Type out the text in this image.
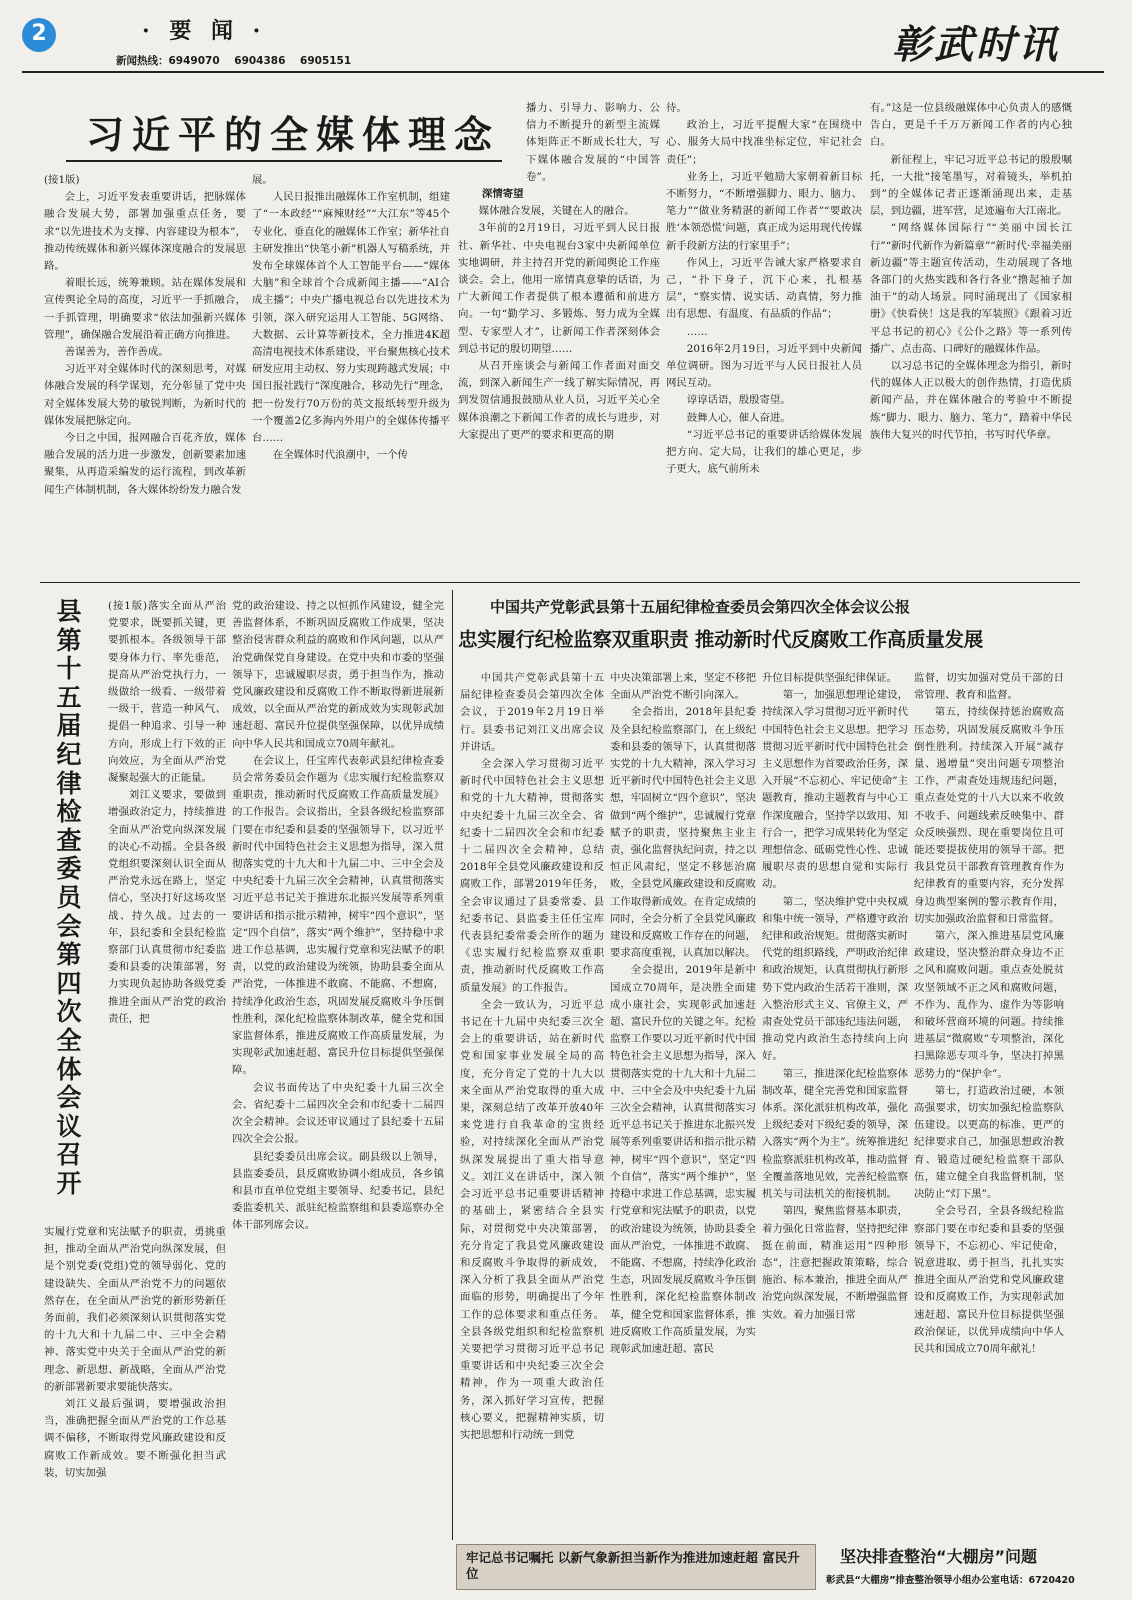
2	· 要 闻 ·
新闻热线：6949070    6904386    6905151	彰武时讯
习近平的全媒体理念

(接1版)

会上，习近平发表重要讲话，把脉媒体融合发展大势，部署加强重点任务，要求“以先进技术为支撑、内容建设为根本”，推动传统媒体和新兴媒体深度融合的发展思路。

着眼长远，统筹兼顾。站在媒体发展和宣传舆论全局的高度，习近平一手抓融合，一手抓管理，明确要求“依法加强新兴媒体管理”，确保融合发展沿着正确方向推进。

善谋善为，善作善成。

习近平对全媒体时代的深刻思考，对媒体融合发展的科学谋划，充分彰显了党中央对全媒体发展大势的敏锐判断，为新时代的媒体发展把脉定向。

今日之中国，报网融合百花齐放，媒体融合发展的活力进一步激发，创新要素加速聚集，从再造采编发的运行流程，到改革新闻生产体制机制，各大媒体纷纷发力融合发

展。

人民日报推出融媒体工作室机制，组建了“一本政经”“麻辣财经”“大江东”等45个专业化、垂直化的融媒体工作室；新华社自主研发推出“快笔小新”机器人写稿系统，并发布全球媒体首个人工智能平台——“媒体大脑”和全球首个合成新闻主播——“AI合成主播”；中央广播电视总台以先进技术为引领，深入研究运用人工智能、5G网络、大数据、云计算等新技术，全力推进4K超高清电视技术体系建设，平台聚焦核心技术研发应用主动权、努力实现跨越式发展；中国日报社践行“深度融合，移动先行”理念，把一份发行70万份的英文报纸转型升级为一个覆盖2亿多海内外用户的全媒体传播平台……

在全媒体时代浪潮中，一个传

播力、引导力、影响力、公信力不断提升的新型主流媒体矩阵正不断成长壮大，写下媒体融合发展的“中国答卷”。

深情寄望

媒体融合发展，关键在人的融合。

3年前的2月19日，习近平到人民日报社、新华社、中央电视台3家中央新闻单位实地调研，并主持召开党的新闻舆论工作座谈会。会上，他用一席情真意挚的话语，为广大新闻工作者提供了根本遵循和前进方向。一句“勤学习、多锻炼、努力成为全媒型、专家型人才”，让新闻工作者深刻体会到总书记的殷切期望……

从召开座谈会与新闻工作者面对面交流，到深入新闻生产一线了解实际情况，再到发贺信通报鼓励从业人员，习近平关心全媒体浪潮之下新闻工作者的成长与进步，对大家提出了更严的要求和更高的期

待。

政治上，习近平提醒大家“在围绕中心、服务大局中找准坐标定位，牢记社会责任”；

业务上，习近平勉励大家朝着新目标不断努力，“不断增强脚力、眼力、脑力、笔力”“做业务精湛的新闻工作者”“要敢决胜‘本领恐慌’问题，真正成为运用现代传媒新手段新方法的行家里手”；

作风上，习近平告诫大家严格要求自己，“扑下身子，沉下心来，扎根基层”，“察实情、说实话、动真情，努力推出有思想、有温度、有品质的作品”；

……

2016年2月19日，习近平到中央新闻单位调研。图为习近平与人民日报社人员网民互动。

谆谆话语，殷殷寄望。

鼓舞人心，催人奋进。

“习近平总书记的重要讲话给媒体发展把方向、定大局，让我们的雄心更足，步子更大，底气前所未

有。”这是一位县级融媒体中心负责人的感慨告白，更是千千万万新闻工作者的内心独白。

新征程上，牢记习近平总书记的殷殷嘱托，一大批“接笔墨写，对着镜头，举机拍到”的全媒体记者正逐渐涌现出来，走基层，到边疆，进军营，足迹遍布大江南北。

“网络媒体国际行”“美丽中国长江行”“新时代新作为新篇章”“新时代·幸福美丽新边疆”等主题宣传活动，生动展现了各地各部门的火热实践和各行各业“撸起袖子加油干”的动人场景。同时涌现出了《国家相册》《快看侠！这是我的军装照》《跟着习近平总书记的初心》《公仆之路》等一系列传播广、点击高、口碑好的融媒体作品。

以习总书记的全媒体理念为指引，新时代的媒体人正以极大的创作热情，打造优质新闻产品，并在媒体融合的考验中不断提炼“脚力、眼力、脑力、笔力”，踏着中华民族伟大复兴的时代节拍，书写时代华章。

县第十五届纪律检查委员会第四次全体会议召开

(接1版)落实全面从严治党要求，既要抓关键，更要抓根本。各级领导干部要身体力行、率先垂范，提高从严治党执行力，一级做给一级看、一级带着一级干，营造一种风气、提倡一种追求、引导一种方向，形成上行下效的正向效应，为全面从严治党凝聚起强大的正能量。

刘江义要求，要做到增强政治定力，持续推进全面从严治党向纵深发展的决心不动摇。全县各级党组织要深刻认识全面从严治党永远在路上，坚定信心，坚决打好这场攻坚战、持久战。过去的一年，县纪委和全县纪检监察部门认真贯彻市纪委监委和县委的决策部署，努力实现负起协助各级党委推进全面从严治党的政治责任，把

党的政治建设、持之以恒抓作风建设，健全完善监督体系，不断巩固反腐败工作成果，坚决整治侵害群众利益的腐败和作风问题，以从严治党确保党自身建设。在党中央和市委的坚强领导下，忠诚履职尽责，勇于担当作为，推动党风廉政建设和反腐败工作不断取得新进展新成效，以全面从严治党的新成效为实现彰武加速赶超、富民升位提供坚强保障，以优异成绩向中华人民共和国成立70周年献礼。

在会议上，任宝库代表彰武县纪律检查委员会常务委员会作题为《忠实履行纪检监察双重职责，推动新时代反腐败工作高质量发展》的工作报告。会议指出，全县各级纪检监察部门要在市纪委和县委的坚强领导下，以习近平新时代中国特色社会主义思想为指导，深入贯彻落实党的十九大和十九届二中、三中全会及中央纪委十九届三次全会精神，认真贯彻落实习近平总书记关于推进东北振兴发展等系列重要讲话和指示批示精神，树牢“四个意识”，坚定“四个自信”，落实“两个维护”，坚持稳中求进工作总基调，忠实履行党章和宪法赋予的职责，以党的政治建设为统领，协助县委全面从严治党，一体推进不敢腐、不能腐、不想腐，持续净化政治生态，巩固发展反腐败斗争压倒性胜利，深化纪检监察体制改革，健全党和国家监督体系，推进反腐败工作高质量发展，为实现彰武加速赶超、富民升位目标提供坚强保障。

会议书面传达了中央纪委十九届三次全会、省纪委十二届四次全会和市纪委十二届四次全会精神。会议还审议通过了县纪委十五届四次全会公报。

县纪委委员出席会议。副县级以上领导，县监委委员，县反腐败协调小组成员，各乡镇和县市直单位党组主要领导、纪委书记，县纪委监委机关、派驻纪检监察组和县委巡察办全体干部列席会议。

实履行党章和宪法赋予的职责，勇挑重担，推动全面从严治党向纵深发展，但是个别党委(党组)党的领导弱化、党的建设缺失、全面从严治党不力的问题依然存在，在全面从严治党的新形势新任务面前，我们必须深刻认识贯彻落实党的十九大和十九届二中、三中全会精神、落实党中央关于全面从严治党的新理念、新思想、新战略，全面从严治党的新部署新要求要能快落实。

刘江义最后强调，要增强政治担当，准确把握全面从严治党的工作总基调不偏移，不断取得党风廉政建设和反腐败工作新成效。要不断强化担当武装，切实加强

中国共产党彰武县第十五届纪律检查委员会第四次全体会议公报
忠实履行纪检监察双重职责 推动新时代反腐败工作高质量发展

中国共产党彰武县第十五届纪律检查委员会第四次全体会议，于2019年2月19日举行。县委书记刘江义出席会议并讲话。

全会深入学习贯彻习近平新时代中国特色社会主义思想和党的十九大精神，贯彻落实中央纪委十九届三次全会、省纪委十二届四次全会和市纪委十二届四次全会精神，总结2018年全县党风廉政建设和反腐败工作，部署2019年任务，全会审议通过了县委常委、县纪委书记、县监委主任任宝库代表县纪委常委会所作的题为《忠实履行纪检监察双重职责，推动新时代反腐败工作高质量发展》的工作报告。

全会一致认为，习近平总书记在十九届中央纪委三次全会上的重要讲话，站在新时代党和国家事业发展全局的高度，充分肯定了党的十九大以来全面从严治党取得的重大成果，深刻总结了改革开放40年来党进行自我革命的宝贵经验，对持续深化全面从严治党纵深发展提出了重大指导意义。刘江义在讲话中，深入领会习近平总书记重要讲话精神的基础上，紧密结合全县实际，对贯彻党中央决策部署，充分肯定了我县党风廉政建设和反腐败斗争取得的新成效，深入分析了我县全面从严治党面临的形势，明确提出了今年工作的总体要求和重点任务。全县各级党组织和纪检监察机关要把学习贯彻习近平总书记重要讲话和中央纪委三次全会精神，作为一项重大政治任务，深入抓好学习宣传，把握核心要义，把握精神实质，切实把思想和行动统一到党

中央决策部署上来，坚定不移把全面从严治党不断引向深入。

全会指出，2018年县纪委及全县纪检监察部门，在上级纪委和县委的领导下，认真贯彻落实党的十九大精神，深入学习习近平新时代中国特色社会主义思想，牢固树立“四个意识”，坚决做到“两个维护”，忠诚履行党章赋予的职责，坚持聚焦主业主责，强化监督执纪问责，持之以恒正风肃纪，坚定不移惩治腐败，全县党风廉政建设和反腐败工作取得新成效。在肯定成绩的同时，全会分析了全县党风廉政建设和反腐败工作存在的问题，要求高度重视，认真加以解决。

全会提出，2019年是新中国成立70周年，是决胜全面建成小康社会，实现彰武加速赶超、富民升位的关键之年。纪检监察工作要以习近平新时代中国特色社会主义思想为指导，深入贯彻落实党的十九大和十九届二中、三中全会及中央纪委十九届三次全会精神，认真贯彻落实习近平总书记关于推进东北振兴发展等系列重要讲话和指示批示精神，树牢“四个意识”，坚定“四个自信”，落实“两个维护”，坚持稳中求进工作总基调，忠实履行党章和宪法赋予的职责，以党的政治建设为统领，协助县委全面从严治党，一体推进不敢腐、不能腐、不想腐，持续净化政治生态，巩固发展反腐败斗争压倒性胜利，深化纪检监察体制改革，健全党和国家监督体系，推进反腐败工作高质量发展，为实现彰武加速赶超、富民

升位目标提供坚强纪律保证。

第一，加强思想理论建设，持续深入学习贯彻习近平新时代中国特色社会主义思想。把学习贯彻习近平新时代中国特色社会主义思想作为首要政治任务，深入开展“不忘初心、牢记使命”主题教育，推动主题教育与中心工作深度融合，坚持学以致用、知行合一，把学习成果转化为坚定理想信念、砥砺党性心性、忠诚履职尽责的思想自觉和实际行动。

第二，坚决维护党中央权威和集中统一领导，严格遵守政治纪律和政治规矩。贯彻落实新时代党的组织路线，严明政治纪律和政治规矩，认真贯彻执行新形势下党内政治生活若干准则，深入整治形式主义、官僚主义，严肃查处党员干部违纪违法问题，推动党内政治生态持续向上向好。

第三，推进深化纪检监察体制改革，健全完善党和国家监督体系。深化派驻机构改革，强化上级纪委对下级纪委的领导，深入落实“两个为主”。统筹推进纪检监察派驻机构改革，推动监督全覆盖落地见效，完善纪检监察机关与司法机关的衔接机制。

第四，聚焦监督基本职责，着力强化日常监督，坚持把纪律挺在前面，精准运用“四种形态”，注意把握政策策略，综合施治、标本兼治，推进全面从严治党向纵深发展，不断增强监督实效。着力加强日常

监督，切实加强对党员干部的日常管理、教育和监督。

第五，持续保持惩治腐败高压态势，巩固发展反腐败斗争压倒性胜利。持续深入开展“减存量、遏增量”突出问题专项整治工作，严肃查处违规违纪问题，重点查处党的十八大以来不收敛不收手、问题线索反映集中、群众反映强烈、现在重要岗位且可能还要提拔使用的领导干部。把我县党员干部教育管理教育作为纪律教育的重要内容，充分发挥身边典型案例的警示教育作用，切实加强政治监督和日常监督。

第六，深入推进基层党风廉政建设，坚决整治群众身边不正之风和腐败问题。重点查处脱贫攻坚领域不正之风和腐败问题，不作为、乱作为、虚作为等影响和破坏营商环境的问题。持续推进基层“微腐败”专项整治，深化扫黑除恶专项斗争，坚决打掉黑恶势力的“保护伞”。

第七，打造政治过硬，本领高强要求，切实加强纪检监察队伍建设。以更高的标准、更严的纪律要求自己，加强思想政治教育、锻造过硬纪检监察干部队伍，建立健全自我监督机制，坚决防止“灯下黑”。

全会号召，全县各级纪检监察部门要在市纪委和县委的坚强领导下，不忘初心、牢记使命，锐意进取、勇于担当，扎扎实实推进全面从严治党和党风廉政建设和反腐败工作，为实现彰武加速赶超、富民升位目标提供坚强政治保证，以优异成绩向中华人民共和国成立70周年献礼！

牢记总书记嘱托 以新气象新担当新作为推进加速赶超 富民升位
坚决排查整治“大棚房”问题
彰武县“大棚房”排查整治领导小组办公室电话：6720420
